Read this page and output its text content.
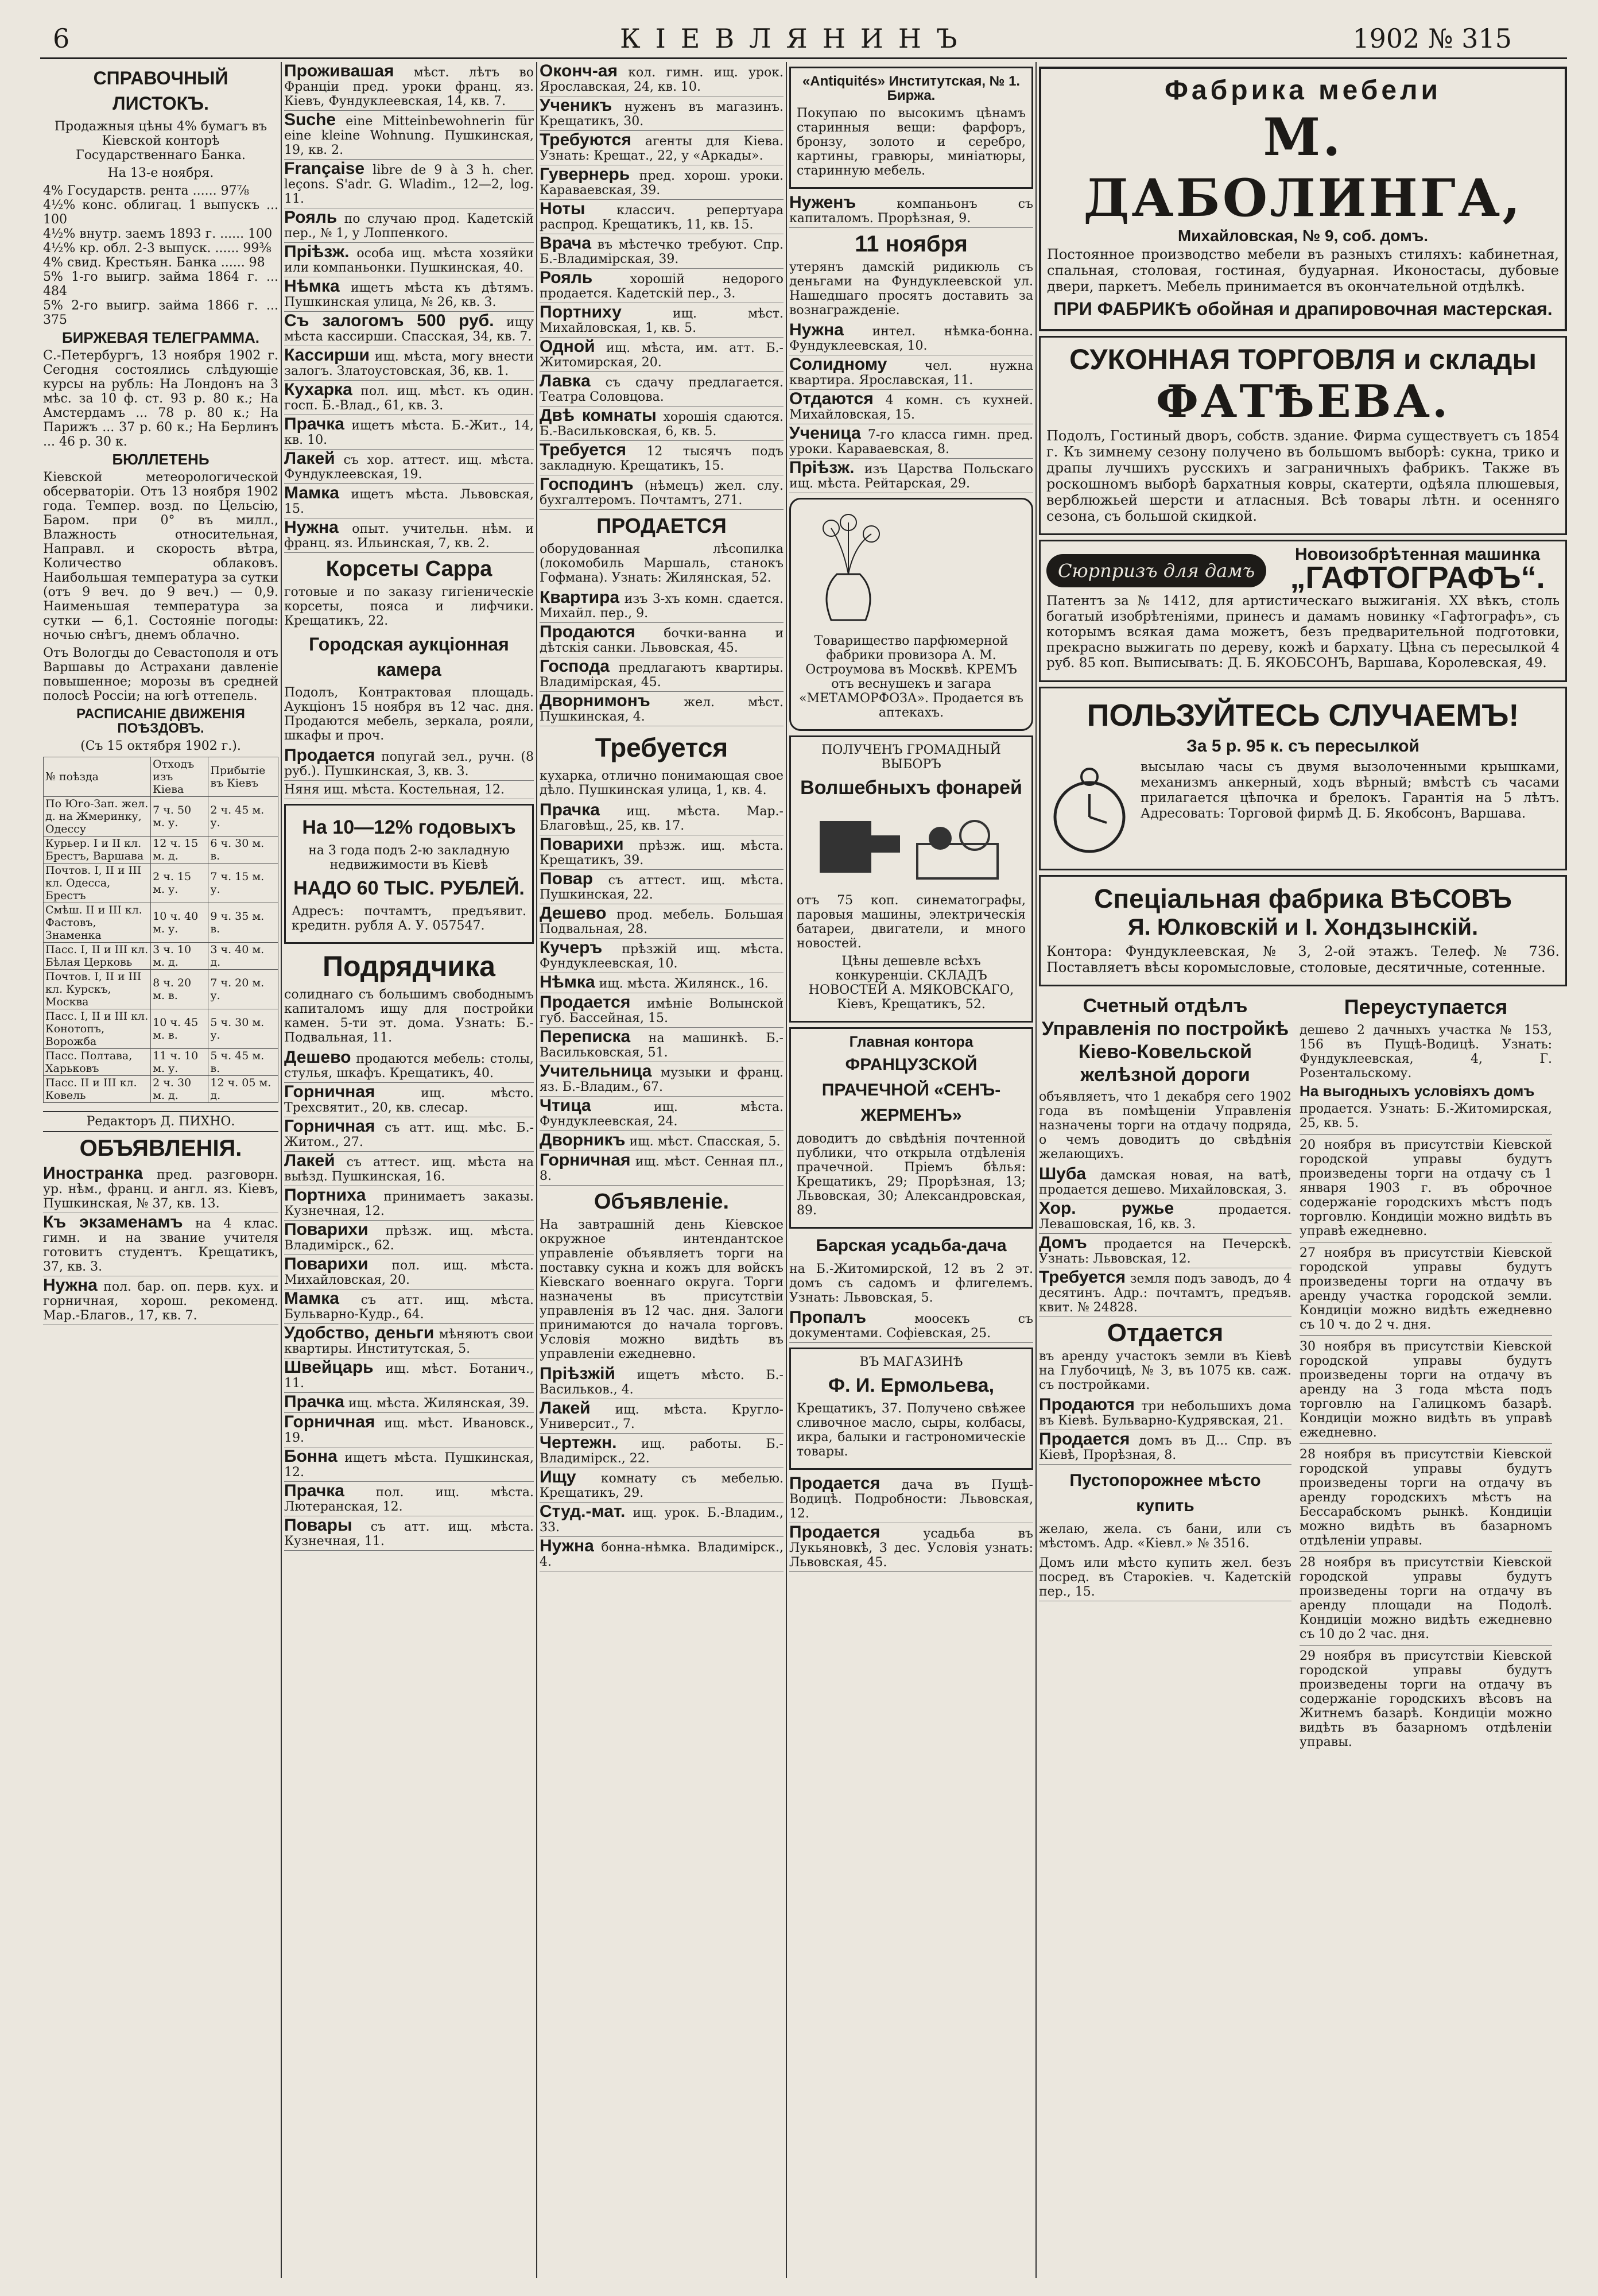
6	КІЕВЛЯНИНЪ	1902 № 315
СПРАВОЧНЫЙ ЛИСТОКЪ.
Продажныя цѣны 4% бумагъ въ Кіевской конторѣ Государственнаго Банка.
На 13-е ноября.
4% Государств. рента ...... 97⅞
4½% конс. облигац. 1 выпускъ ... 100
4½% внутр. заемъ 1893 г. ...... 100
4½% кр. обл. 2-3 выпуск. ...... 99⅜
4% свид. Крестьян. Банка ...... 98
5% 1-го выигр. займа 1864 г. ... 484
5% 2-го выигр. займа 1866 г. ... 375
БИРЖЕВАЯ ТЕЛЕГРАММА.
С.-Петербургъ, 13 ноября 1902 г. Сегодня состоялись слѣдующіе курсы на рубль: На Лондонъ на 3 мѣс. за 10 ф. ст. 93 р. 80 к.; На Амстердамъ ... 78 р. 80 к.; На Парижъ ... 37 р. 60 к.; На Берлинъ ... 46 р. 30 к.
БЮЛЛЕТЕНЬ
Кіевской метеорологической обсерваторіи. Отъ 13 ноября 1902 года. Темпер. возд. по Цельсію, Баром. при 0° въ милл., Влажность относительная, Направл. и скорость вѣтра, Количество облаковъ. Наибольшая температура за сутки (отъ 9 веч. до 9 веч.) — 0,9. Наименьшая температура за сутки — 6,1. Состояніе погоды: ночью снѣгъ, днемъ облачно.
Отъ Вологды до Севастополя и отъ Варшавы до Астрахани давленіе повышенное; морозы въ средней полосѣ Россіи; на югѣ оттепель.
РАСПИСАНІЕ ДВИЖЕНІЯ ПОѢЗДОВЪ.
(Съ 15 октября 1902 г.).
№ поѣзда	Отходъ изъ Кіева	Прибытіе въ Кіевъ
По Юго-Зап. жел. д. на Жмеринку, Одессу	7 ч. 50 м. у.	2 ч. 45 м. у.
Курьер. I и II кл. Брестъ, Варшава	12 ч. 15 м. д.	6 ч. 30 м. в.
Почтов. I, II и III кл. Одесса, Брестъ	2 ч. 15 м. у.	7 ч. 15 м. у.
Смѣш. II и III кл. Фастовъ, Знаменка	10 ч. 40 м. у.	9 ч. 35 м. в.
Пасс. I, II и III кл. Бѣлая Церковь	3 ч. 10 м. д.	3 ч. 40 м. д.
Почтов. I, II и III кл. Курскъ, Москва	8 ч. 20 м. в.	7 ч. 20 м. у.
Пасс. I, II и III кл. Конотопъ, Ворожба	10 ч. 45 м. в.	5 ч. 30 м. у.
Пасс. Полтава, Харьковъ	11 ч. 10 м. у.	5 ч. 45 м. в.
Пасс. II и III кл. Ковель	2 ч. 30 м. д.	12 ч. 05 м. д.
Редакторъ Д. ПИХНО.
ОБЪЯВЛЕНІЯ.
Иностранка пред. разговорн. ур. нѣм., франц. и англ. яз. Кіевъ, Пушкинская, № 37, кв. 13.
Къ экзаменамъ на 4 клас. гимн. и на звание учителя готовитъ студентъ. Крещатикъ, 37, кв. 3.
Нужна пол. бар. оп. перв. кух. и горничная, хорош. рекоменд. Мар.-Благов., 17, кв. 7.
Проживашая мѣст. лѣтъ во Франціи пред. уроки франц. яз. Кіевъ, Фундуклеевская, 14, кв. 7.
Suche eine Mitteinbewohnerin für eine kleine Wohnung. Пушкинская, 19, кв. 2.
Française libre de 9 à 3 h. cher. leçons. S'adr. G. Wladim., 12—2, log. 11.
Рояль по случаю прод. Кадетскій пер., № 1, у Лоппенкого.
Пріѣзж. особа ищ. мѣста хозяйки или компаньонки. Пушкинская, 40.
Нѣмка ищетъ мѣста къ дѣтямъ. Пушкинская улица, № 26, кв. 3.
Съ залогомъ 500 руб. ищу мѣста кассирши. Спасская, 34, кв. 7.
Кассирши ищ. мѣста, могу внести залогъ. Златоустовская, 36, кв. 1.
Кухарка пол. ищ. мѣст. къ один. госп. Б.-Влад., 61, кв. 3.
Прачка ищетъ мѣста. Б.-Жит., 14, кв. 10.
Лакей съ хор. аттест. ищ. мѣста. Фундуклеевская, 19.
Мамка ищетъ мѣста. Львовская, 15.
Нужна опыт. учительн. нѣм. и франц. яз. Ильинская, 7, кв. 2.
Корсеты Сарра
готовые и по заказу гигіеническіе корсеты, пояса и лифчики. Крещатикъ, 22.
Городская аукціонная камера
Подолъ, Контрактовая площадь. Аукціонъ 15 ноября въ 12 час. дня. Продаются мебель, зеркала, рояли, шкафы и проч.
Продается попугай зел., ручн. (8 руб.). Пушкинская, 3, кв. 3.
Няня ищ. мѣста. Костельная, 12.
На 10—12% годовыхъ
на 3 года подъ 2-ю закладную недвижимости въ Кіевѣ
НАДО 60 ТЫС. РУБЛЕЙ.
Адресъ: почтамтъ, предъявит. кредитн. рубля А. У. 057547.
Подрядчика
солиднаго съ большимъ свободнымъ капиталомъ ищу для постройки камен. 5-ти эт. дома. Узнать: Б.-Подвальная, 11.
Дешево продаются мебель: столы, стулья, шкафъ. Крещатикъ, 40.
Горничная	ищ. мѣсто. Трехсвятит., 20, кв. слесар.
Горничная съ атт. ищ. мѣс. Б.-Житом., 27.
Лакей съ аттест. ищ. мѣста на выѣзд. Пушкинская, 16.
Портниха принимаетъ заказы. Кузнечная, 12.
Поварихи прѣзж. ищ. мѣста. Владимірск., 62.
Поварихи пол. ищ. мѣста. Михайловская, 20.
Мамка съ атт. ищ. мѣста. Бульварно-Кудр., 64.
Удобство, деньги мѣняютъ свои квартиры. Институтская, 5.
Швейцарь ищ. мѣст. Ботанич., 11.
Прачка ищ. мѣста. Жилянская, 39.
Горничная ищ. мѣст. Ивановск., 19.
Бонна ищетъ мѣста. Пушкинская, 12.
Прачка пол. ищ. мѣста. Лютеранская, 12.
Повары съ атт. ищ. мѣста. Кузнечная, 11.
Оконч-ая кол. гимн. ищ. урок. Ярославская, 24, кв. 10.
Ученикъ нуженъ въ магазинъ. Крещатикъ, 30.
Требуются агенты для Кіева. Узнать: Крещат., 22, у «Аркады».
Гувернерь пред. хорош. уроки. Караваевская, 39.
Ноты классич. репертуара распрод. Крещатикъ, 11, кв. 15.
Врача въ мѣстечко требуют. Спр. Б.-Владимірская, 39.
Рояль	хорошій недорого продается. Кадетскій пер., 3.
Портниху	ищ. мѣст. Михайловская, 1, кв. 5.
Одной ищ. мѣста, им. атт. Б.-Житомирская, 20.
Лавка съ сдачу предлагается. Театра Соловцова.
Двѣ комнаты хорошія сдаются. Б.-Васильковская, 6, кв. 5.
Требуется 12 тысячъ подъ закладную. Крещатикъ, 15.
Господинъ (нѣмецъ) жел. слу. бухгалтеромъ. Почтамтъ, 271.
ПРОДАЕТСЯ
оборудованная лѣсопилка (локомобиль Маршаль, станокъ Гофмана). Узнать: Жилянская, 52.
Квартира изъ 3-хъ комн. сдается. Михайл. пер., 9.
Продаются бочки-ванна и дѣтскія санки. Львовская, 45.
Господа предлагаютъ квартиры. Владимірская, 45.
Дворнимонъ	жел. мѣст. Пушкинская, 4.
Требуется
кухарка, отлично понимающая свое дѣло. Пушкинская улица, 1, кв. 4.
Прачка ищ. мѣста. Мар.-Благовѣщ., 25, кв. 17.
Поварихи прѣзж. ищ. мѣста. Крещатикъ, 39.
Повар съ аттест. ищ. мѣста. Пушкинская, 22.
Дешево прод. мебель. Большая Подвальная, 28.
Кучеръ прѣзжій ищ. мѣста. Фундуклеевская, 10.
Нѣмка ищ. мѣста. Жилянск., 16.
Продается имѣніе Волынской губ. Бассейная, 15.
Переписка на машинкѣ. Б.-Васильковская, 51.
Учительница музыки и франц. яз. Б.-Владим., 67.
Чтица	ищ. мѣста. Фундуклеевская, 24.
Дворникъ ищ. мѣст. Спасская, 5.
Горничная ищ. мѣст. Сенная пл., 8.
Объявленіе.
На завтрашній день Кіевское окружное интендантское управленіе объявляетъ торги на поставку сукна и кожъ для войскъ Кіевскаго военнаго округа. Торги назначены въ присутствіи управленія въ 12 час. дня. Залоги принимаются до начала торговъ. Условія можно видѣть въ управленіи ежедневно.
Пріѣзжій ищетъ мѣсто. Б.-Васильков., 4.
Лакей ищ. мѣста. Кругло-Университ., 7.
Чертежн. ищ. работы. Б.-Владимірск., 22.
Ищу комнату съ мебелью. Крещатикъ, 29.
Студ.-мат. ищ. урок. Б.-Владим., 33.
Нужна бонна-нѣмка. Владимірск., 4.
«Antiquités» Институтская, № 1. Биржа.
Покупаю по высокимъ цѣнамъ старинныя вещи: фарфоръ, бронзу, золото и серебро, картины, гравюры, миніатюры, старинную мебель.
Нуженъ	компаньонъ съ капиталомъ. Прорѣзная, 9.
11 ноября
утерянъ дамскій ридикюль съ деньгами на Фундуклеевской ул. Нашедшаго просятъ доставить за вознагражденіе.
Нужна интел. нѣмка-бонна. Фундуклеевская, 10.
Солидному	чел. нужна квартира. Ярославская, 11.
Отдаются 4 комн. съ кухней. Михайловская, 15.
Ученица 7-го класса гимн. пред. уроки. Караваевская, 8.
Пріѣзж. изъ Царства Польскаго ищ. мѣста. Рейтарская, 29.
Товарищество парфюмерной фабрики провизора А. М. Остроумова въ Москвѣ. КРЕМЪ отъ веснушекъ и загара «МЕТАМОРФОЗА». Продается въ аптекахъ.
ПОЛУЧЕНЪ ГРОМАДНЫЙ ВЫБОРЪ
Волшебныхъ фонарей
отъ 75 коп. синематографы, паровыя машины, электрическія батареи, двигатели, и много новостей.
Цѣны дешевле всѣхъ конкуренціи. СКЛАДЪ НОВОСТЕЙ А. МЯКОВСКАГО, Кіевъ, Крещатикъ, 52.
Главная контора
ФРАНЦУЗСКОЙ ПРАЧЕЧНОЙ «СЕНЪ-ЖЕРМЕНЪ»
доводитъ до свѣдѣнія почтенной публики, что открыла отдѣленія прачечной. Пріемъ бѣлья: Крещатикъ, 29; Прорѣзная, 13; Львовская, 30; Александровская, 89.
Барская усадьба-дача
на Б.-Житомирской, 12 въ 2 эт. домъ съ садомъ и флигелемъ. Узнать: Львовская, 5.
Пропалъ	моосекъ съ документами. Софіевская, 25.
ВЪ МАГАЗИНѢ
Ф. И. Ермольева,
Крещатикъ, 37. Получено свѣжее сливочное масло, сыры, колбасы, икра, балыки и гастрономическіе товары.
Продается дача въ Пущѣ-Водицѣ. Подробности: Львовская, 12.
Продается	усадьба въ Лукьяновкѣ, 3 дес. Условія узнать: Львовская, 45.
Фабрика мебели
М. ДАБОЛИНГА,
Михайловская, № 9, соб. домъ.
Постоянное производство мебели въ разныхъ стиляхъ: кабинетная, спальная, столовая, гостиная, будуарная. Иконостасы, дубовые двери, паркетъ. Мебель принимается въ окончательной отдѣлкѣ.
ПРИ ФАБРИКѢ обойная и драпировочная мастерская.
СУКОННАЯ ТОРГОВЛЯ и склады
ФАТѢЕВА.
Подолъ, Гостиный дворъ, собств. здание. Фирма существуетъ съ 1854 г. Къ зимнему сезону получено въ большомъ выборѣ: сукна, трико и драпы лучшихъ русскихъ и заграничныхъ фабрикъ. Также въ роскошномъ выборѣ бархатныя ковры, скатерти, одѣяла плюшевыя, верблюжьей шерсти и атласныя. Всѣ товары лѣтн. и осенняго сезона, съ большой скидкой.
Сюрпризъ для дамъ
Новоизобрѣтенная машинка
„ГАФТОГРАФЪ“.
Патентъ за № 1412, для артистическаго выжиганія. XX вѣкъ, столь богатый изобрѣтеніями, принесъ и дамамъ новинку «Гафтографъ», съ которымъ всякая дама можетъ, безъ предварительной подготовки, прекрасно выжигать по дереву, кожѣ и бархату. Цѣна съ пересылкой 4 руб. 85 коп. Выписывать: Д. Б. ЯКОБСОНЪ, Варшава, Королевская, 49.
ПОЛЬЗУЙТЕСЬ СЛУЧАЕМЪ!
За 5 р. 95 к. съ пересылкой
высылаю часы съ двумя вызолоченными крышками, механизмъ анкерный, ходъ вѣрный; вмѣстѣ съ часами прилагается цѣпочка и брелокъ. Гарантія на 5 лѣтъ. Адресовать: Торговой фирмѣ Д. Б. Якобсонъ, Варшава.
Спеціальная фабрика ВѢСОВЪ
Я. Юлковскій и І. Хондзынскій.
Контора: Фундуклеевская, № 3, 2-ой этажъ. Телеф. № 736. Поставляетъ вѣсы коромысловые, столовые, десятичные, сотенные.
Счетный отдѣлъ Управленія по постройкѣ Кіево-Ковельской желѣзной дороги
объявляетъ, что 1 декабря сего 1902 года въ помѣщеніи Управленія назначены торги на отдачу подряда, о чемъ доводитъ до свѣдѣнія желающихъ.
Шуба дамская новая, на ватѣ, продается дешево. Михайловская, 3.
Хор. ружье	продается. Левашовская, 16, кв. 3.
Домъ продается на Печерскѣ. Узнать: Львовская, 12.
Требуется земля подъ заводъ, до 4 десятинъ. Адр.: почтамтъ, предъяв. квит. № 24828.
Отдается
въ аренду участокъ земли въ Кіевѣ на Глубочицѣ, № 3, въ 1075 кв. саж. съ постройками.
Продаются три небольшихъ дома въ Кіевѣ. Бульварно-Кудрявская, 21.
Продается домъ въ Д... Спр. въ Кіевѣ, Прорѣзная, 8.
Пустопорожнее мѣсто купить
желаю, жела. съ бани, или съ мѣстомъ. Адр. «Кіевл.» № 3516.
Домъ или мѣсто купить жел. безъ посред. въ Старокіев. ч. Кадетскій пер., 15.
Переуступается
дешево 2 дачныхъ участка № 153, 156 въ Пущѣ-Водицѣ. Узнать: Фундуклеевская, 4, Г. Розентальскому.
На выгодныхъ условіяхъ домъ
продается. Узнать: Б.-Житомирская, 25, кв. 5.
20 ноября въ присутствіи Кіевской городской управы будутъ произведены торги на отдачу съ 1 января 1903 г. въ оброчное содержаніе городскихъ мѣстъ подъ торговлю. Кондиціи можно видѣть въ управѣ ежедневно.
27 ноября въ присутствіи Кіевской городской управы будутъ произведены торги на отдачу въ аренду участка городской земли. Кондиціи можно видѣть ежедневно съ 10 ч. до 2 ч. дня.
30 ноября въ присутствіи Кіевской городской управы будутъ произведены торги на отдачу въ аренду на 3 года мѣста подъ торговлю на Галицкомъ базарѣ. Кондиціи можно видѣть въ управѣ ежедневно.
28 ноября въ присутствіи Кіевской городской управы будутъ произведены торги на отдачу въ аренду городскихъ мѣстъ на Бессарабскомъ рынкѣ. Кондиціи можно видѣть въ базарномъ отдѣленіи управы.
28 ноября въ присутствіи Кіевской городской управы будутъ произведены торги на отдачу въ аренду площади на Подолѣ. Кондиціи можно видѣть ежедневно съ 10 до 2 час. дня.
29 ноября въ присутствіи Кіевской городской управы будутъ произведены торги на отдачу въ содержаніе городскихъ вѣсовъ на Житнемъ базарѣ. Кондиціи можно видѣть въ базарномъ отдѣленіи управы.
